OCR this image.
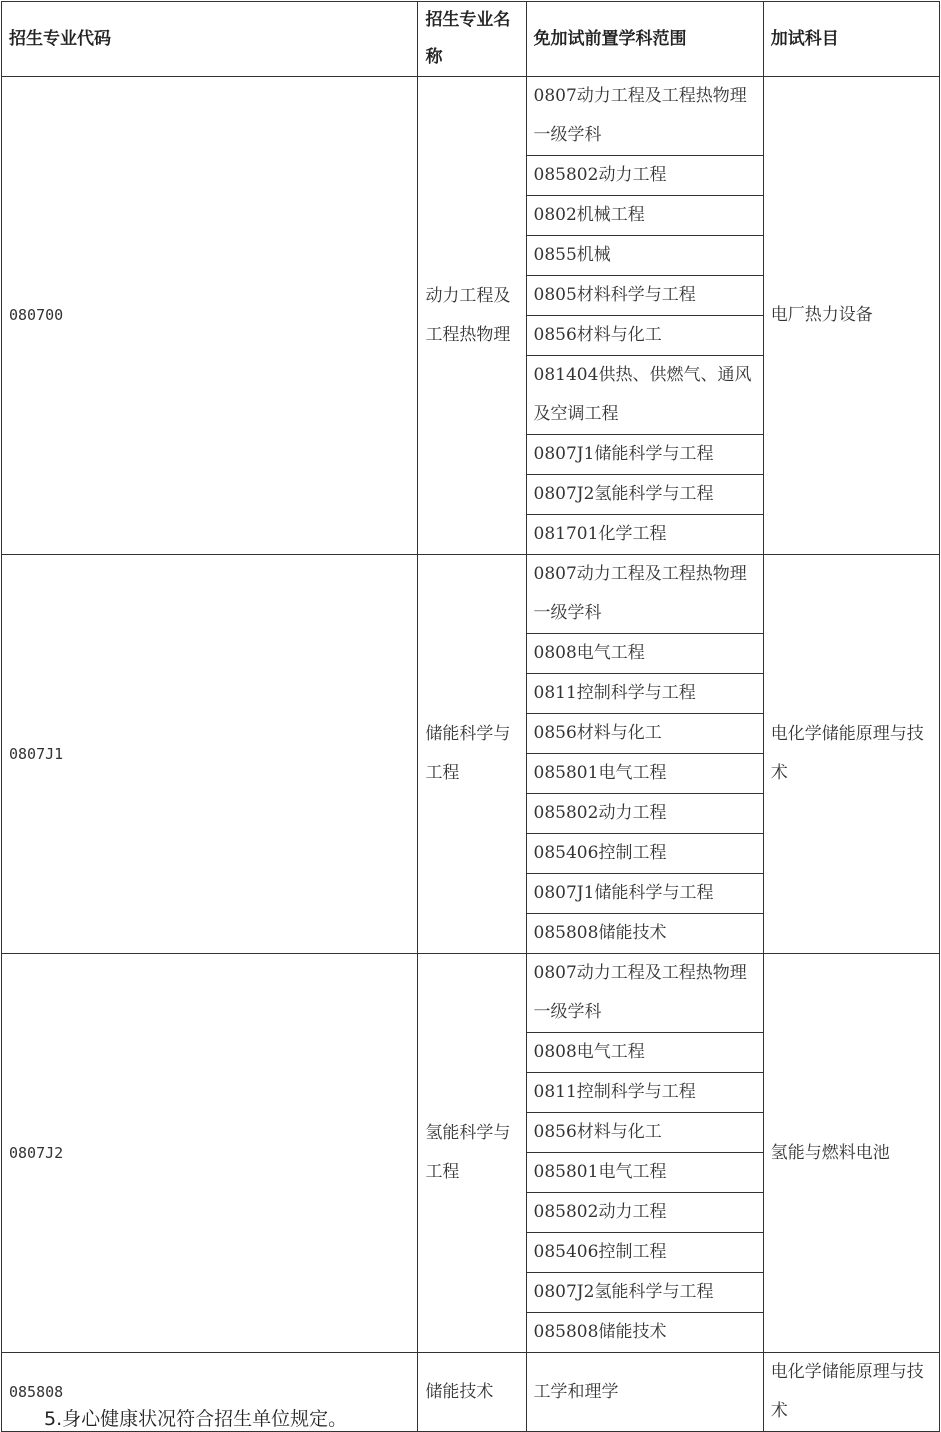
招生专业代码	招生专业名称	免加试前置学科范围	加试科目
080700	动力工程及工程热物理	0807动力工程及工程热物理一级学科	电厂热力设备
		085802动力工程	
		0802机械工程	
		0855机械	
		0805材料科学与工程	
		0856材料与化工	
		081404供热、供燃气、通风及空调工程	
		0807J1储能科学与工程	
		0807J2氢能科学与工程	
		081701化学工程	
0807J1	储能科学与工程	0807动力工程及工程热物理一级学科	电化学储能原理与技术
		0808电气工程	
		0811控制科学与工程	
		0856材料与化工	
		085801电气工程	
		085802动力工程	
		085406控制工程	
		0807J1储能科学与工程	
		085808储能技术	
0807J2	氢能科学与工程	0807动力工程及工程热物理一级学科	氢能与燃料电池
		0808电气工程	
		0811控制科学与工程	
		0856材料与化工	
		085801电气工程	
		085802动力工程	
		085406控制工程	
		0807J2氢能科学与工程	
		085808储能技术	
085808	储能技术	工学和理学	电化学储能原理与技术
5.身心健康状况符合招生单位规定。
